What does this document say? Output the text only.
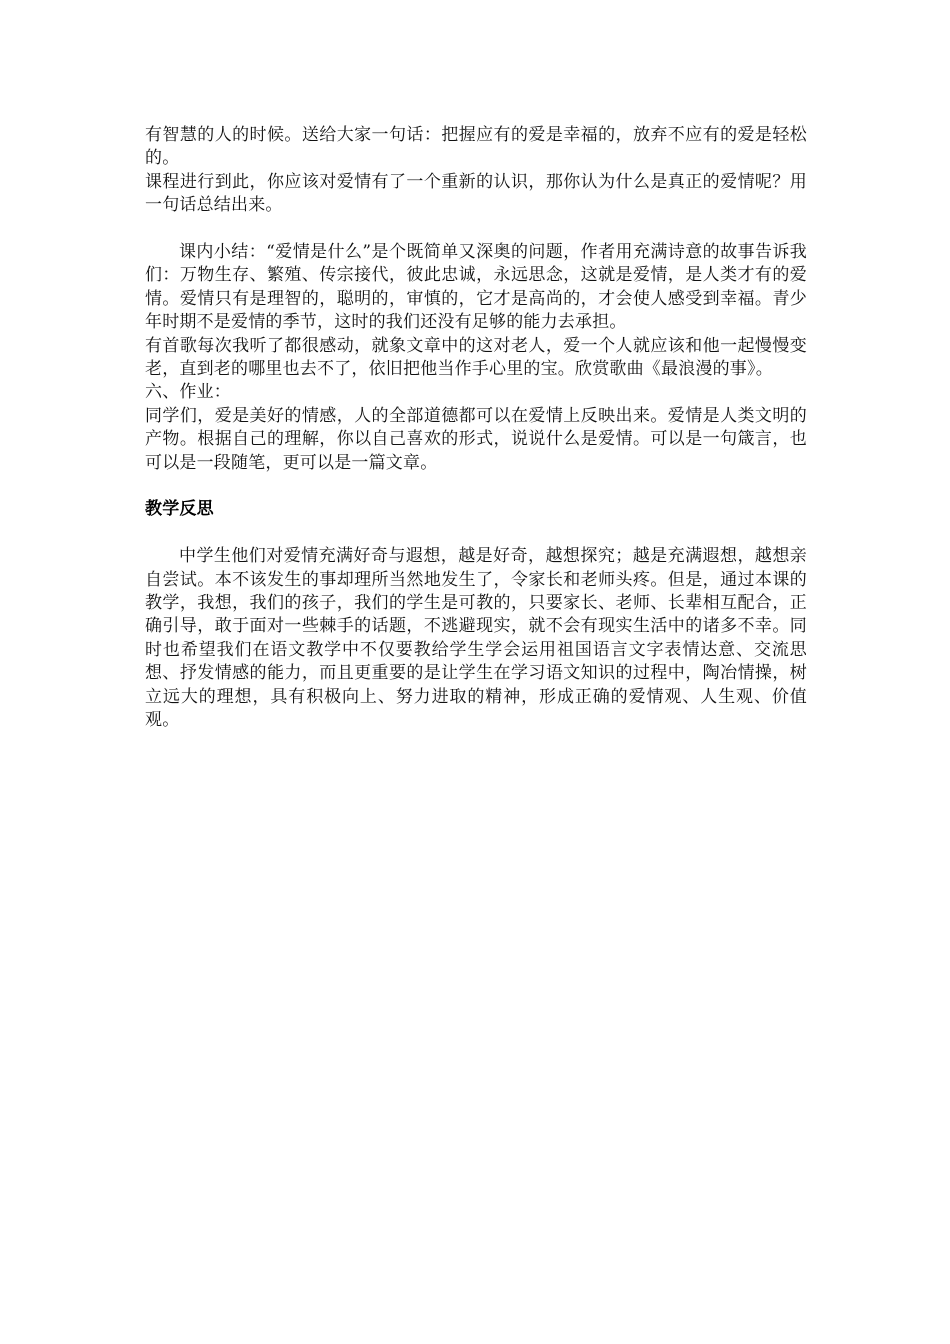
有智慧的人的时候。送给大家一句话：把握应有的爱是幸福的，放弃不应有的爱是轻松的。

课程进行到此，你应该对爱情有了一个重新的认识，那你认为什么是真正的爱情呢？用一句话总结出来。

课内小结：“爱情是什么”是个既简单又深奥的问题，作者用充满诗意的故事告诉我们：万物生存、繁殖、传宗接代，彼此忠诚，永远思念，这就是爱情，是人类才有的爱情。爱情只有是理智的，聪明的，审慎的，它才是高尚的，才会使人感受到幸福。青少年时期不是爱情的季节，这时的我们还没有足够的能力去承担。

有首歌每次我听了都很感动，就象文章中的这对老人，爱一个人就应该和他一起慢慢变老，直到老的哪里也去不了，依旧把他当作手心里的宝。欣赏歌曲《最浪漫的事》。

六、作业：

同学们，爱是美好的情感，人的全部道德都可以在爱情上反映出来。爱情是人类文明的产物。根据自己的理解，你以自己喜欢的形式，说说什么是爱情。可以是一句箴言，也可以是一段随笔，更可以是一篇文章。

教学反思

中学生他们对爱情充满好奇与遐想，越是好奇，越想探究；越是充满遐想，越想亲自尝试。本不该发生的事却理所当然地发生了，令家长和老师头疼。但是，通过本课的教学，我想，我们的孩子，我们的学生是可教的，只要家长、老师、长辈相互配合，正确引导，敢于面对一些棘手的话题，不逃避现实，就不会有现实生活中的诸多不幸。同时也希望我们在语文教学中不仅要教给学生学会运用祖国语言文字表情达意、交流思想、抒发情感的能力，而且更重要的是让学生在学习语文知识的过程中，陶冶情操，树立远大的理想，具有积极向上、努力进取的精神，形成正确的爱情观、人生观、价值观。
